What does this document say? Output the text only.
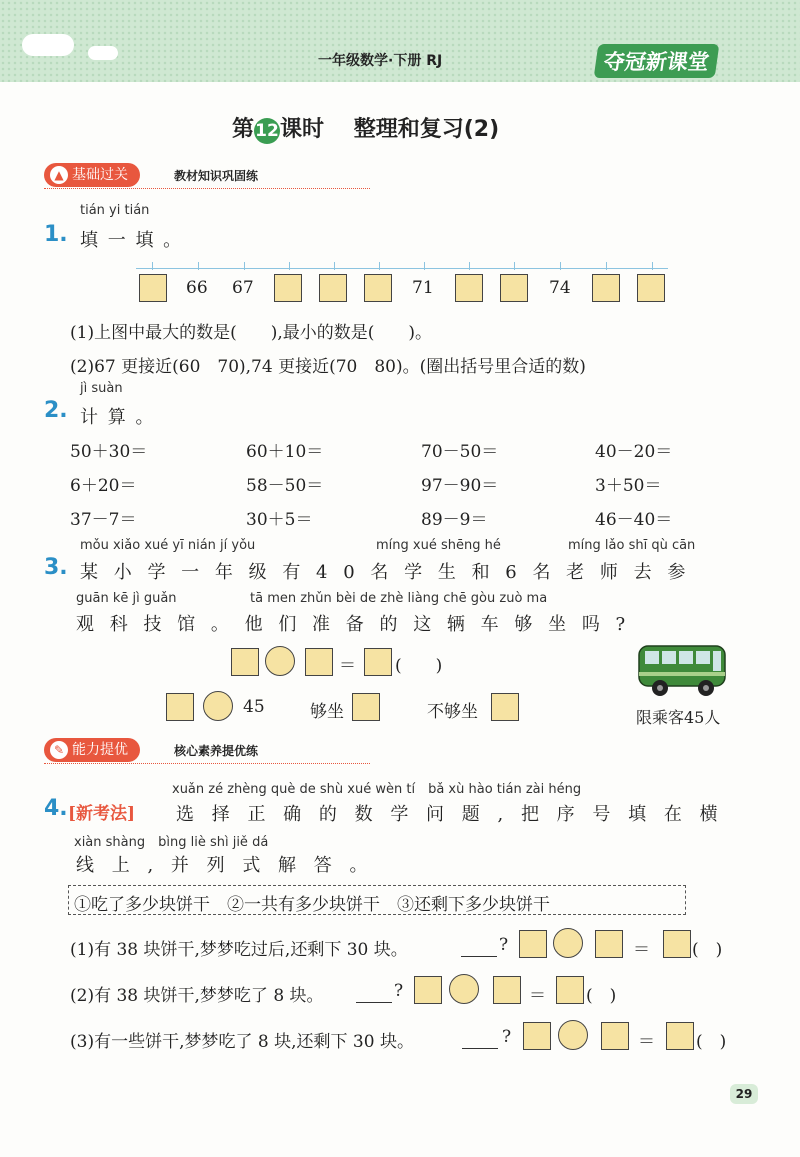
一年级数学·下册 RJ	夺冠新课堂
第12课时　 整理和复习(2)
基础过关
▲	教材知识巩固练
tián yi tián
1. 填 一 填 。
66 67	71	74
(1)上图中最大的数是(　　),最小的数是(　　)。
(2)67 更接近(60　70),74 更接近(70　80)。(圈出括号里合适的数)
jì suàn
2. 计 算 。
50＋30＝	60＋10＝	70－50＝	40－20＝
6＋20＝	58－50＝	97－90＝	3＋50＝
37－7＝	30＋5＝	89－9＝	46－40＝
mǒu xiǎo xué yī nián jí yǒu	míng xué shēng hé	míng lǎo shī qù cān
3. 某 小 学 一 年 级 有 4 0 名 学 生 和 6 名 老 师 去 参
guān kē jì guǎn	tā men zhǔn bèi de zhè liàng chē gòu zuò ma
观 科 技 馆 。 他 们 准 备 的 这 辆 车 够 坐 吗 ?
＝ (　　)
45	够坐	不够坐	限乘客45人
能力提优
✎	核心素养提优练
xuǎn zé zhèng què de shù xué wèn tí　bǎ xù hào tián zài héng
4. [新考法] 选 择 正 确 的 数 学 问 题 , 把 序 号 填 在 横
xiàn shàng　bìng liè shì jiě dá
线 上 , 并 列 式 解 答 。
①吃了多少块饼干　②一共有多少块饼干　③还剩下多少块饼干
(1)有 38 块饼干,梦梦吃过后,还剩下 30 块。	?	＝ (　)
(2)有 38 块饼干,梦梦吃了 8 块。	?	＝ (　)
(3)有一些饼干,梦梦吃了 8 块,还剩下 30 块。	?	＝ (　)
29
